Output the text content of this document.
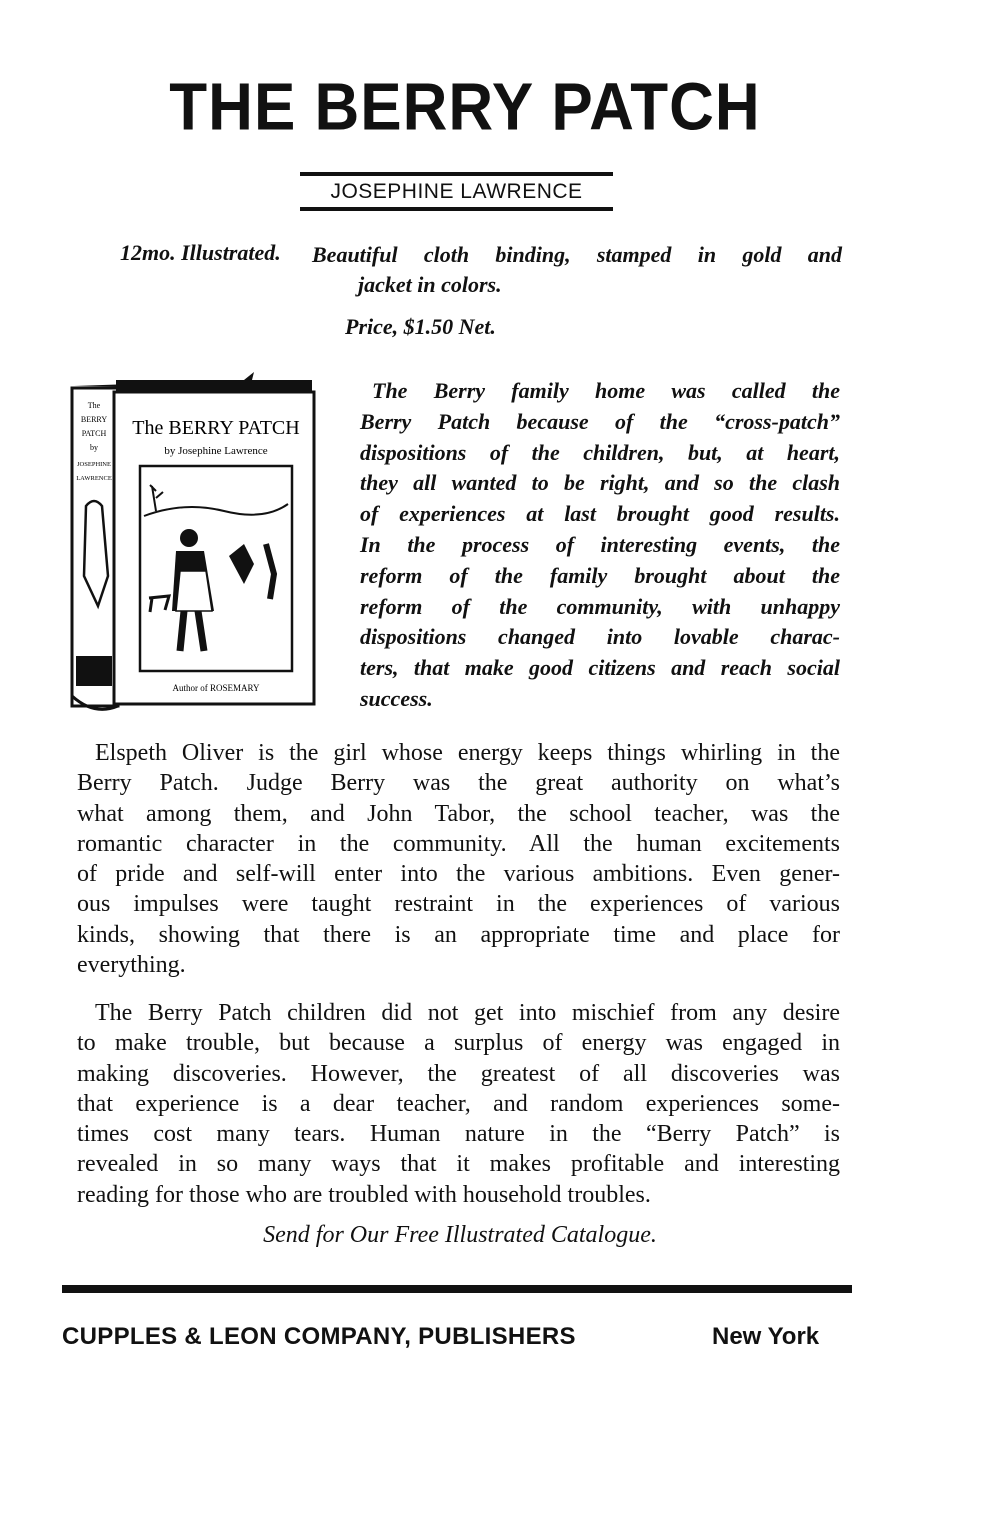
THE BERRY PATCH
JOSEPHINE LAWRENCE
12mo. Illustrated. Beautiful cloth binding, stamped in gold and
jacket in colors.
Price, $1.50 Net.
The BERRY PATCH
by Josephine Lawrence
Author of ROSEMARY
The
BERRY
PATCH
by
JOSEPHINE
LAWRENCE
The Berry family home was called the
Berry Patch because of the “cross-patch”
dispositions of the children, but, at heart,
they all wanted to be right, and so the clash
of experiences at last brought good results.
In the process of interesting events, the
reform of the family brought about the
reform of the community, with unhappy
dispositions changed into lovable charac-
ters, that make good citizens and reach social
success.
Elspeth Oliver is the girl whose energy keeps things whirling in the
Berry Patch. Judge Berry was the great authority on what’s
what among them, and John Tabor, the school teacher, was the
romantic character in the community. All the human excitements
of pride and self-will enter into the various ambitions. Even gener-
ous impulses were taught restraint in the experiences of various
kinds, showing that there is an appropriate time and place for
everything.
The Berry Patch children did not get into mischief from any desire
to make trouble, but because a surplus of energy was engaged in
making discoveries. However, the greatest of all discoveries was
that experience is a dear teacher, and random experiences some-
times cost many tears. Human nature in the “Berry Patch” is
revealed in so many ways that it makes profitable and interesting
reading for those who are troubled with household troubles.
Send for Our Free Illustrated Catalogue.
CUPPLES & LEON COMPANY, PUBLISHERS	New York
